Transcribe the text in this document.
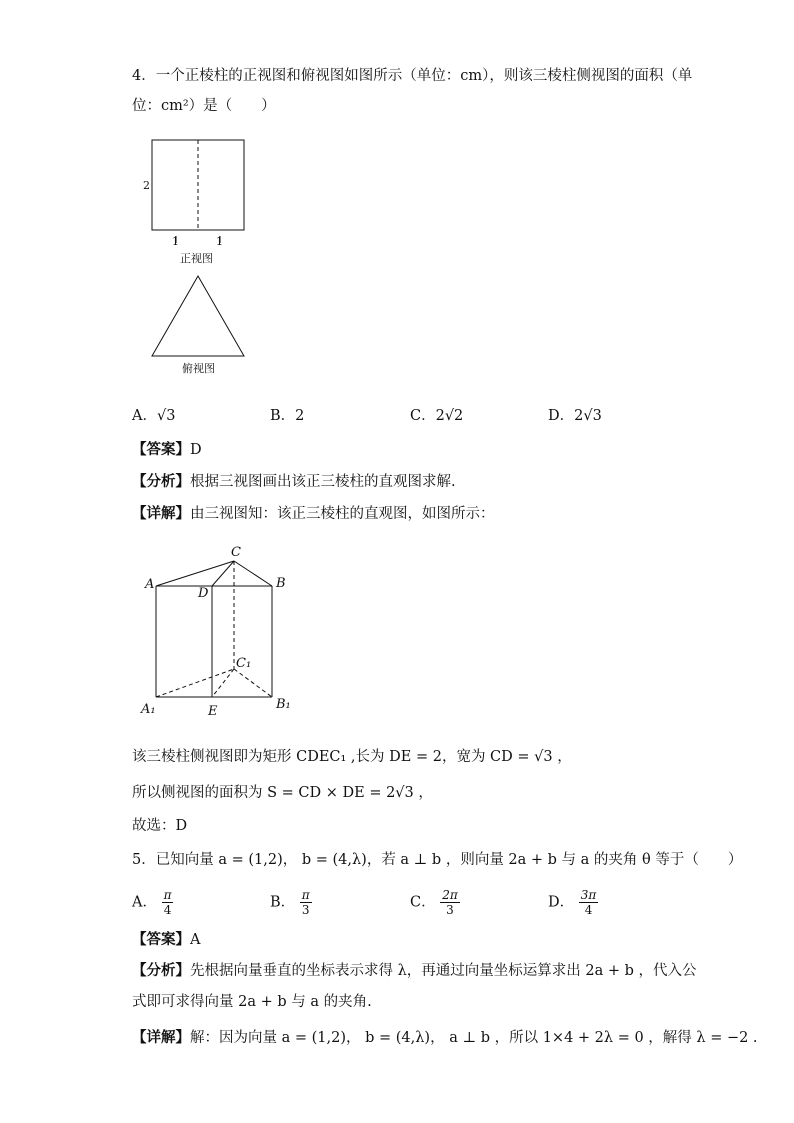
4．一个正棱柱的正视图和俯视图如图所示（单位：cm），则该三棱柱侧视图的面积（单
位：cm²）是（　　）
2
1	1
正视图
俯视图
A．√3	B．2	C．2√2	D．2√3
【答案】D
【分析】根据三视图画出该正三棱柱的直观图求解.
【详解】由三视图知：该正三棱柱的直观图，如图所示：
C
A	B
D
C₁
A₁	E	B₁
该三棱柱侧视图即为矩形 CDEC₁ ,长为 DE = 2，宽为 CD = √3 ，
所以侧视图的面积为 S = CD × DE = 2√3 ，
故选：D
5．已知向量 a = (1,2)， b = (4,λ)，若 a ⊥ b ，则向量 2a + b 与 a 的夹角 θ 等于（　　）
A． $\frac{\pi}{4}$	B． $\frac{\pi}{3}$	C． $\frac{2\pi}{3}$	D． $\frac{3\pi}{4}$
【答案】A
【分析】先根据向量垂直的坐标表示求得 λ，再通过向量坐标运算求出 2a + b ，代入公
式即可求得向量 2a + b 与 a 的夹角.
【详解】解：因为向量 a = (1,2)， b = (4,λ)， a ⊥ b ，所以 1×4 + 2λ = 0 ，解得 λ = −2 .
